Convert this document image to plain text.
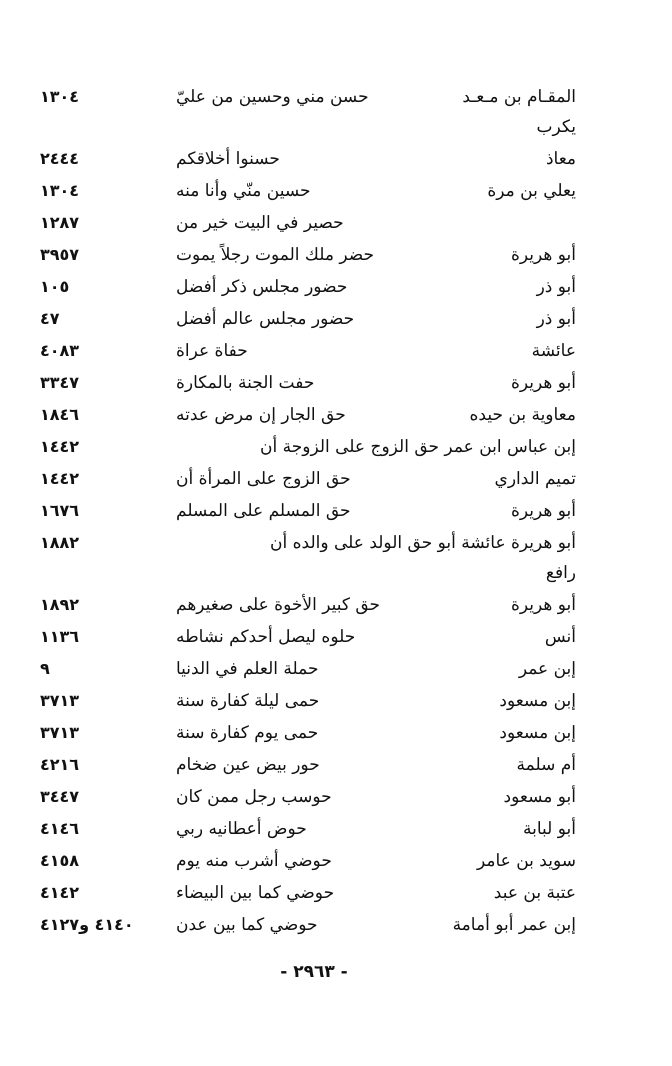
المقـام بن مـعـد
حسن مني وحسين من عليّ
١٣٠٤
يكرب
معاذ
حسنوا أخلاقكم
٢٤٤٤
يعلي بن مرة
حسين منّي وأنا منه
١٣٠٤
حصير في البيت خير من
١٢٨٧
أبو هريرة
حضر ملك الموت رجلاً يموت
٣٩٥٧
أبو ذر
حضور مجلس ذكر أفضل
١٠٥
أبو ذر
حضور مجلس عالم أفضل
٤٧
عائشة
حفاة عراة
٤٠٨٣
أبو هريرة
حفت الجنة بالمكارة
٣٣٤٧
معاوية بن حيده
حق الجار إن مرض عدته
١٨٤٦
إبن عباس ابن عمر حق الزوج على الزوجة أن
١٤٤٢
تميم الداري
حق الزوج على المرأة أن
١٤٤٢
أبو هريرة
حق المسلم على المسلم
١٦٧٦
أبو هريرة عائشة أبو حق الولد على والده أن
١٨٨٢
رافع
أبو هريرة
حق كبير الأخوة على صغيرهم
١٨٩٢
أنس
حلوه ليصل أحدكم نشاطه
١١٣٦
إبن عمر
حملة العلم في الدنيا
٩
إبن مسعود
حمى ليلة كفارة سنة
٣٧١٣
إبن مسعود
حمى يوم كفارة سنة
٣٧١٣
أم سلمة
حور بيض عين ضخام
٤٢١٦
أبو مسعود
حوسب رجل ممن كان
٣٤٤٧
أبو لبابة
حوض أعطانيه ربي
٤١٤٦
سويد بن عامر
حوضي أشرب منه يوم
٤١٥٨
عتبة بن عبد
حوضي كما بين البيضاء
٤١٤٢
إبن عمر أبو أمامة
حوضي كما بين عدن
٤١٤٠ و٤١٢٧
- ٢٩٦٣ -
